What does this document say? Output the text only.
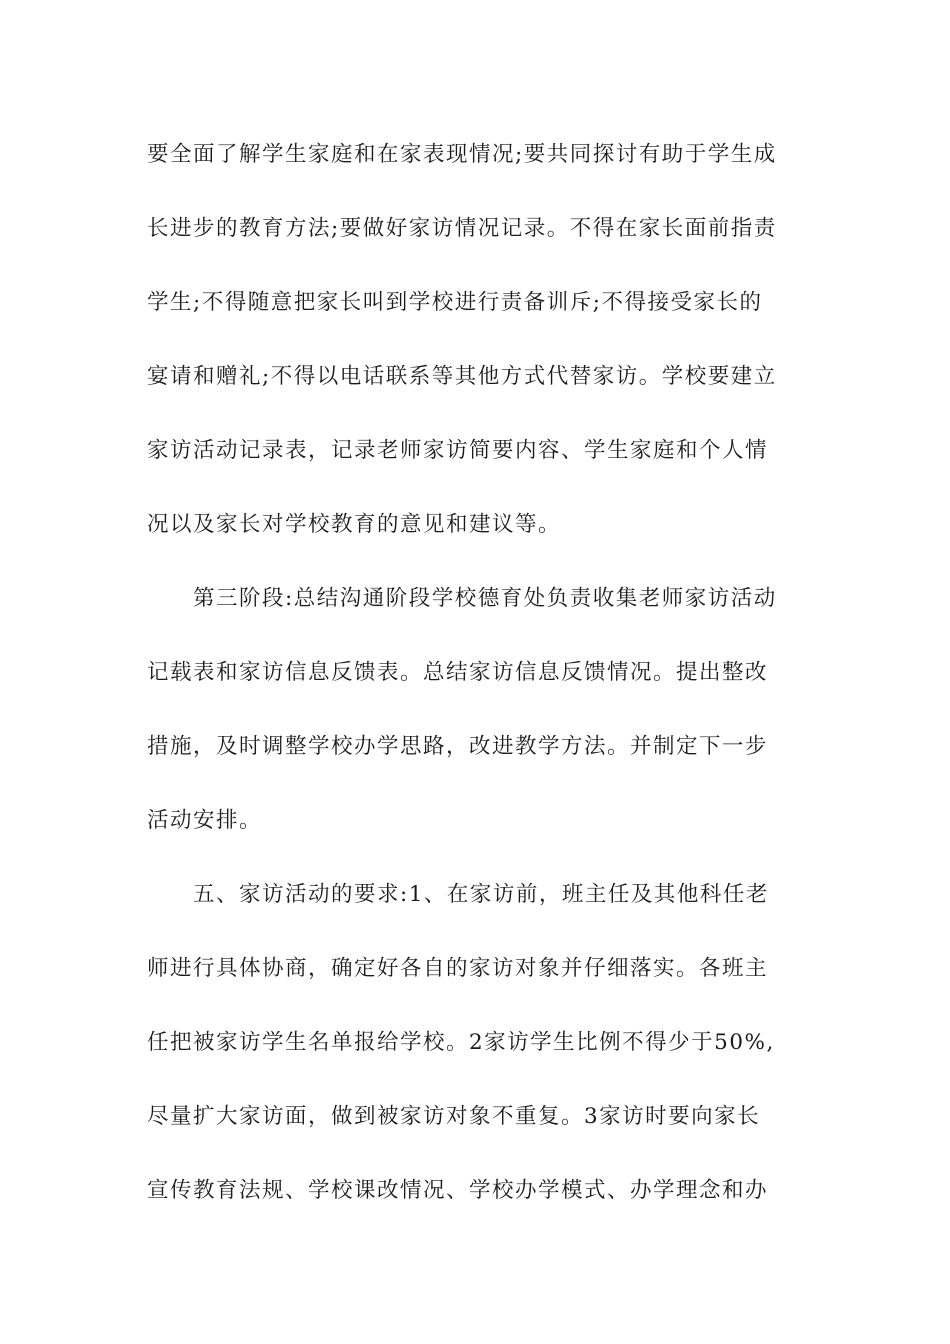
要全面了解学生家庭和在家表现情况;要共同探讨有助于学生成
长进步的教育方法;要做好家访情况记录。不得在家长面前指责
学生;不得随意把家长叫到学校进行责备训斥;不得接受家长的
宴请和赠礼;不得以电话联系等其他方式代替家访。学校要建立
家访活动记录表，记录老师家访简要内容、学生家庭和个人情
况以及家长对学校教育的意见和建议等。
第三阶段:总结沟通阶段学校德育处负责收集老师家访活动
记载表和家访信息反馈表。总结家访信息反馈情况。提出整改
措施，及时调整学校办学思路，改进教学方法。并制定下一步
活动安排。
五、家访活动的要求:1、在家访前，班主任及其他科任老
师进行具体协商，确定好各自的家访对象并仔细落实。各班主
任把被家访学生名单报给学校。2家访学生比例不得少于50%,
尽量扩大家访面，做到被家访对象不重复。3家访时要向家长
宣传教育法规、学校课改情况、学校办学模式、办学理念和办
